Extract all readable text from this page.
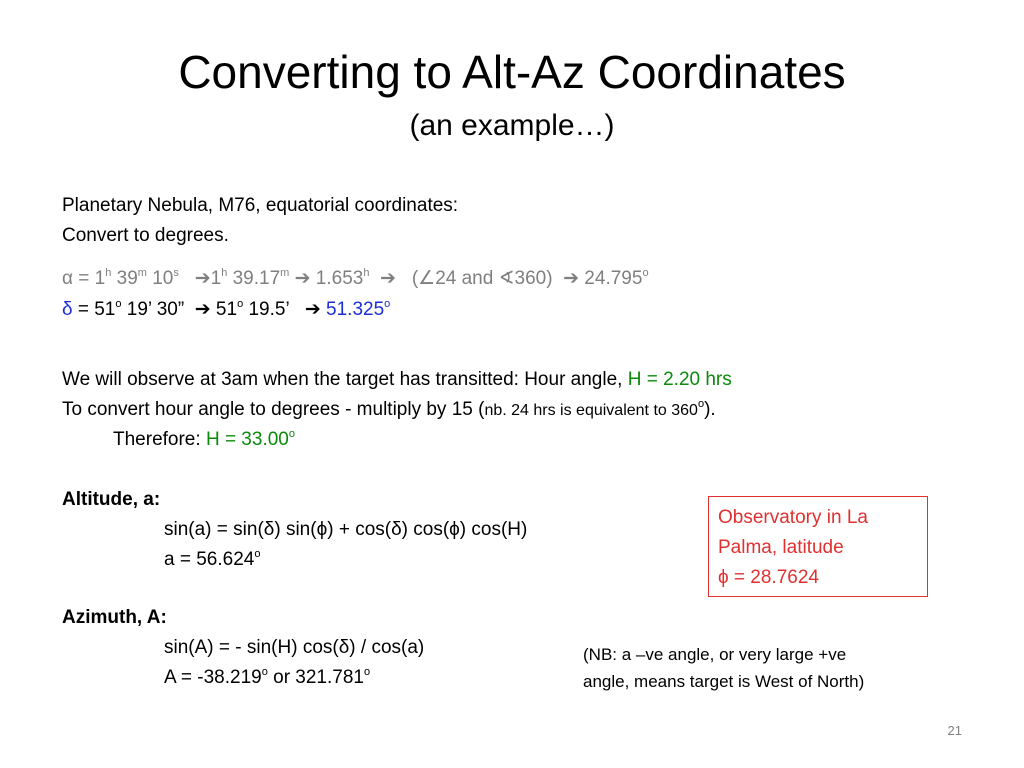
Converting to Alt-Az Coordinates
(an example…)
Planetary Nebula, M76, equatorial coordinates:
Convert to degrees.
$\alpha = 1^h$ 39$^m$ 10$^s$ ➔1$^h$ 39.17$^m$ ➔ 1.653$^h$ ➔ (∠24 and ∢360) ➔ 24.795$^o$
$\delta = 51^o$ 19’ 30” ➔ 51$^o$ 19.5’ ➔ 51.325$^o$
We will observe at 3am when the target has transitted: Hour angle, H = 2.20 hrs
To convert hour angle to degrees - multiply by 15 (nb. 24 hrs is equivalent to 360$^o$).
Therefore: $H = 33.00^o$
Altitude, a:
sin(a) = sin(δ) sin(ϕ) + cos(δ) cos(ϕ) cos(H)
$a = 56.624^o$
Azimuth, A:
sin(A) = - sin(H) cos(δ) / cos(a)
$A = -38.219^o$ or 321.781$^o$
Observatory in La
Palma, latitude
ϕ = 28.7624
(NB: a –ve angle, or very large +ve
angle, means target is West of North)
21
